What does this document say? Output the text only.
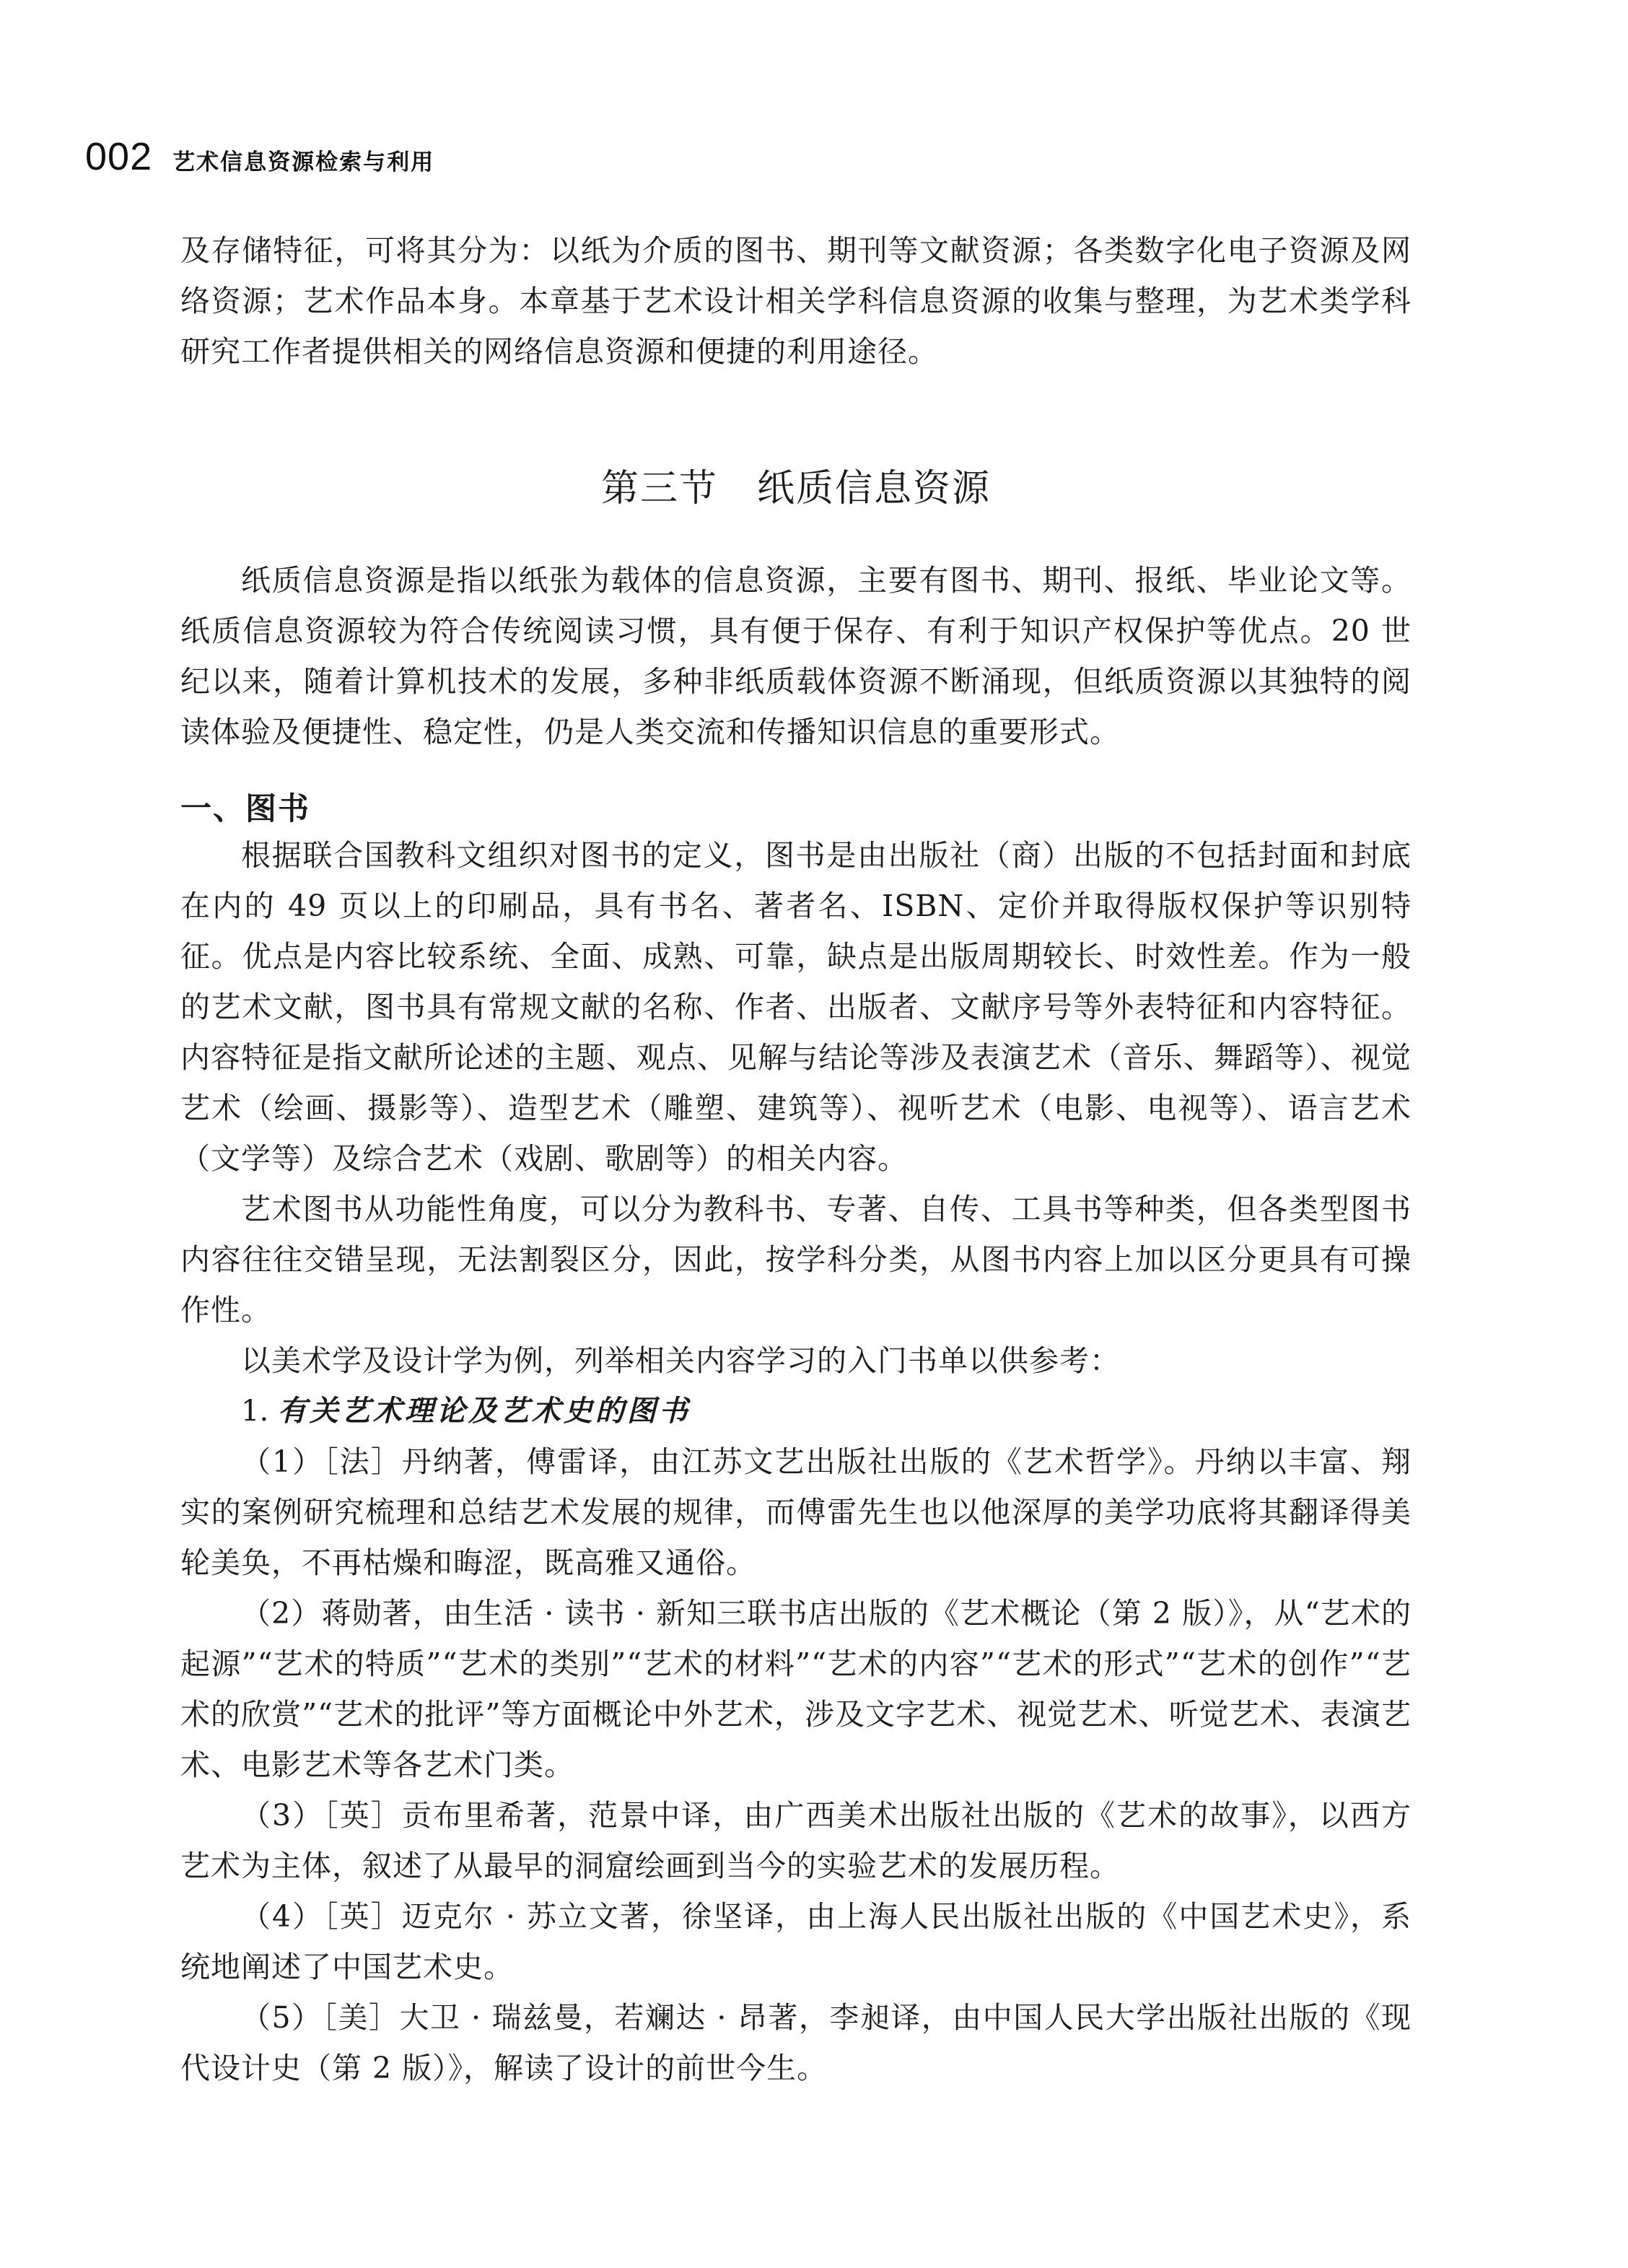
002 艺术信息资源检索与利用

及存储特征，可将其分为：以纸为介质的图书、期刊等文献资源；各类数字化电子资源及网络资源；艺术作品本身。本章基于艺术设计相关学科信息资源的收集与整理，为艺术类学科研究工作者提供相关的网络信息资源和便捷的利用途径。

第三节　纸质信息资源

纸质信息资源是指以纸张为载体的信息资源，主要有图书、期刊、报纸、毕业论文等。纸质信息资源较为符合传统阅读习惯，具有便于保存、有利于知识产权保护等优点。20 世纪以来，随着计算机技术的发展，多种非纸质载体资源不断涌现，但纸质资源以其独特的阅读体验及便捷性、稳定性，仍是人类交流和传播知识信息的重要形式。

一、图书

根据联合国教科文组织对图书的定义，图书是由出版社（商）出版的不包括封面和封底在内的 49 页以上的印刷品，具有书名、著者名、ISBN、定价并取得版权保护等识别特征。优点是内容比较系统、全面、成熟、可靠，缺点是出版周期较长、时效性差。作为一般的艺术文献，图书具有常规文献的名称、作者、出版者、文献序号等外表特征和内容特征。内容特征是指文献所论述的主题、观点、见解与结论等涉及表演艺术（音乐、舞蹈等）、视觉艺术（绘画、摄影等）、造型艺术（雕塑、建筑等）、视听艺术（电影、电视等）、语言艺术（文学等）及综合艺术（戏剧、歌剧等）的相关内容。

艺术图书从功能性角度，可以分为教科书、专著、自传、工具书等种类，但各类型图书内容往往交错呈现，无法割裂区分，因此，按学科分类，从图书内容上加以区分更具有可操作性。

以美术学及设计学为例，列举相关内容学习的入门书单以供参考：

1. 有关艺术理论及艺术史的图书

（1）［法］丹纳著，傅雷译，由江苏文艺出版社出版的《艺术哲学》。丹纳以丰富、翔实的案例研究梳理和总结艺术发展的规律，而傅雷先生也以他深厚的美学功底将其翻译得美轮美奂，不再枯燥和晦涩，既高雅又通俗。

（2）蒋勋著，由生活 · 读书 · 新知三联书店出版的《艺术概论（第 2 版）》，从“艺术的起源”“艺术的特质”“艺术的类别”“艺术的材料”“艺术的内容”“艺术的形式”“艺术的创作”“艺术的欣赏”“艺术的批评”等方面概论中外艺术，涉及文字艺术、视觉艺术、听觉艺术、表演艺术、电影艺术等各艺术门类。

（3）［英］贡布里希著，范景中译，由广西美术出版社出版的《艺术的故事》，以西方艺术为主体，叙述了从最早的洞窟绘画到当今的实验艺术的发展历程。

（4）［英］迈克尔 · 苏立文著，徐坚译，由上海人民出版社出版的《中国艺术史》，系统地阐述了中国艺术史。

（5）［美］大卫 · 瑞兹曼，若斓达 · 昂著，李昶译，由中国人民大学出版社出版的《现代设计史（第 2 版）》，解读了设计的前世今生。
